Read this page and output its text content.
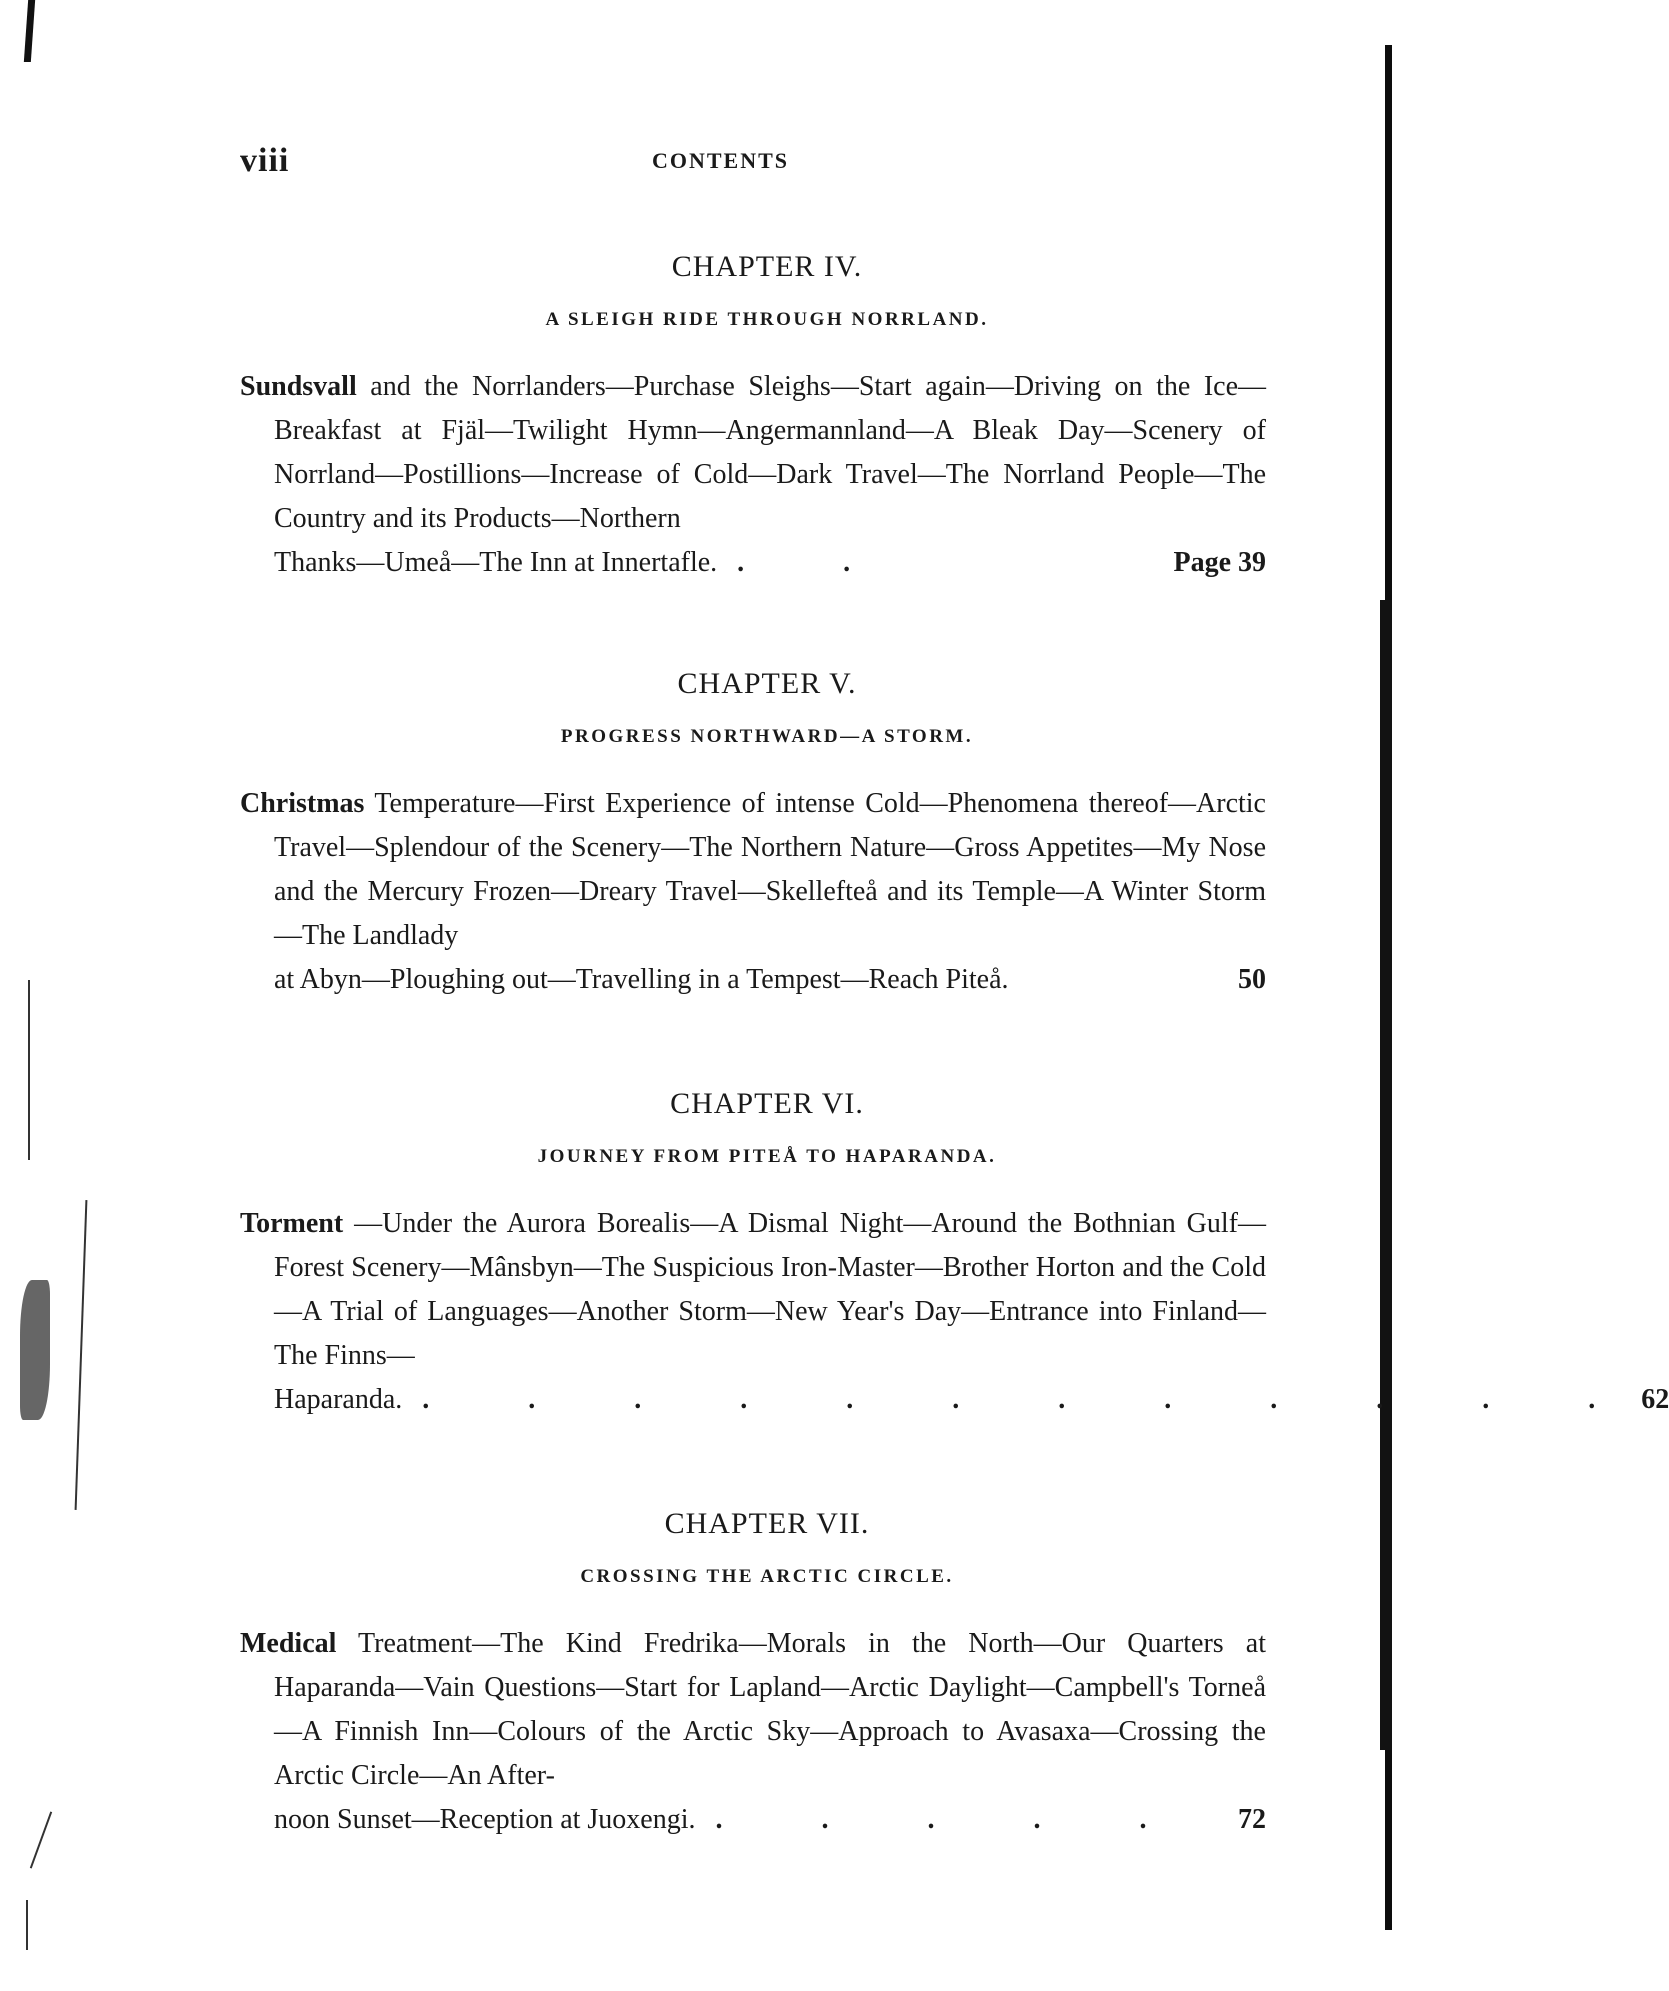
viii	CONTENTS
CHAPTER IV.
A SLEIGH RIDE THROUGH NORRLAND.
Sundsvall and the Norrlanders—Purchase Sleighs—Start again—Driving on the Ice—Breakfast at Fjäl—Twilight Hymn—Angermannland—A Bleak Day—Scenery of Norrland—Postillions—Increase of Cold—Dark Travel—The Norrland People—The Country and its Products—Northern
Thanks—Umeå—The Inn at Innertafle. . .	Page 39
CHAPTER V.
PROGRESS NORTHWARD—A STORM.
Christmas Temperature—First Experience of intense Cold—Phenomena thereof—Arctic Travel—Splendour of the Scenery—The Northern Nature—Gross Appetites—My Nose and the Mercury Frozen—Dreary Travel—Skellefteå and its Temple—A Winter Storm—The Landlady
at Abyn—Ploughing out—Travelling in a Tempest—Reach Piteå.	50
CHAPTER VI.
JOURNEY FROM PITEÅ TO HAPARANDA.
Torment —Under the Aurora Borealis—A Dismal Night—Around the Bothnian Gulf—Forest Scenery—Mânsbyn—The Suspicious Iron-Master—Brother Horton and the Cold—A Trial of Languages—Another Storm—New Year's Day—Entrance into Finland—The Finns—
Haparanda. . . . . . . . . . . . . 62
CHAPTER VII.
CROSSING THE ARCTIC CIRCLE.
Medical Treatment—The Kind Fredrika—Morals in the North—Our Quarters at Haparanda—Vain Questions—Start for Lapland—Arctic Daylight—Campbell's Torneå—A Finnish Inn—Colours of the Arctic Sky—Approach to Avasaxa—Crossing the Arctic Circle—An After-
noon Sunset—Reception at Juoxengi. . . . . .	72
